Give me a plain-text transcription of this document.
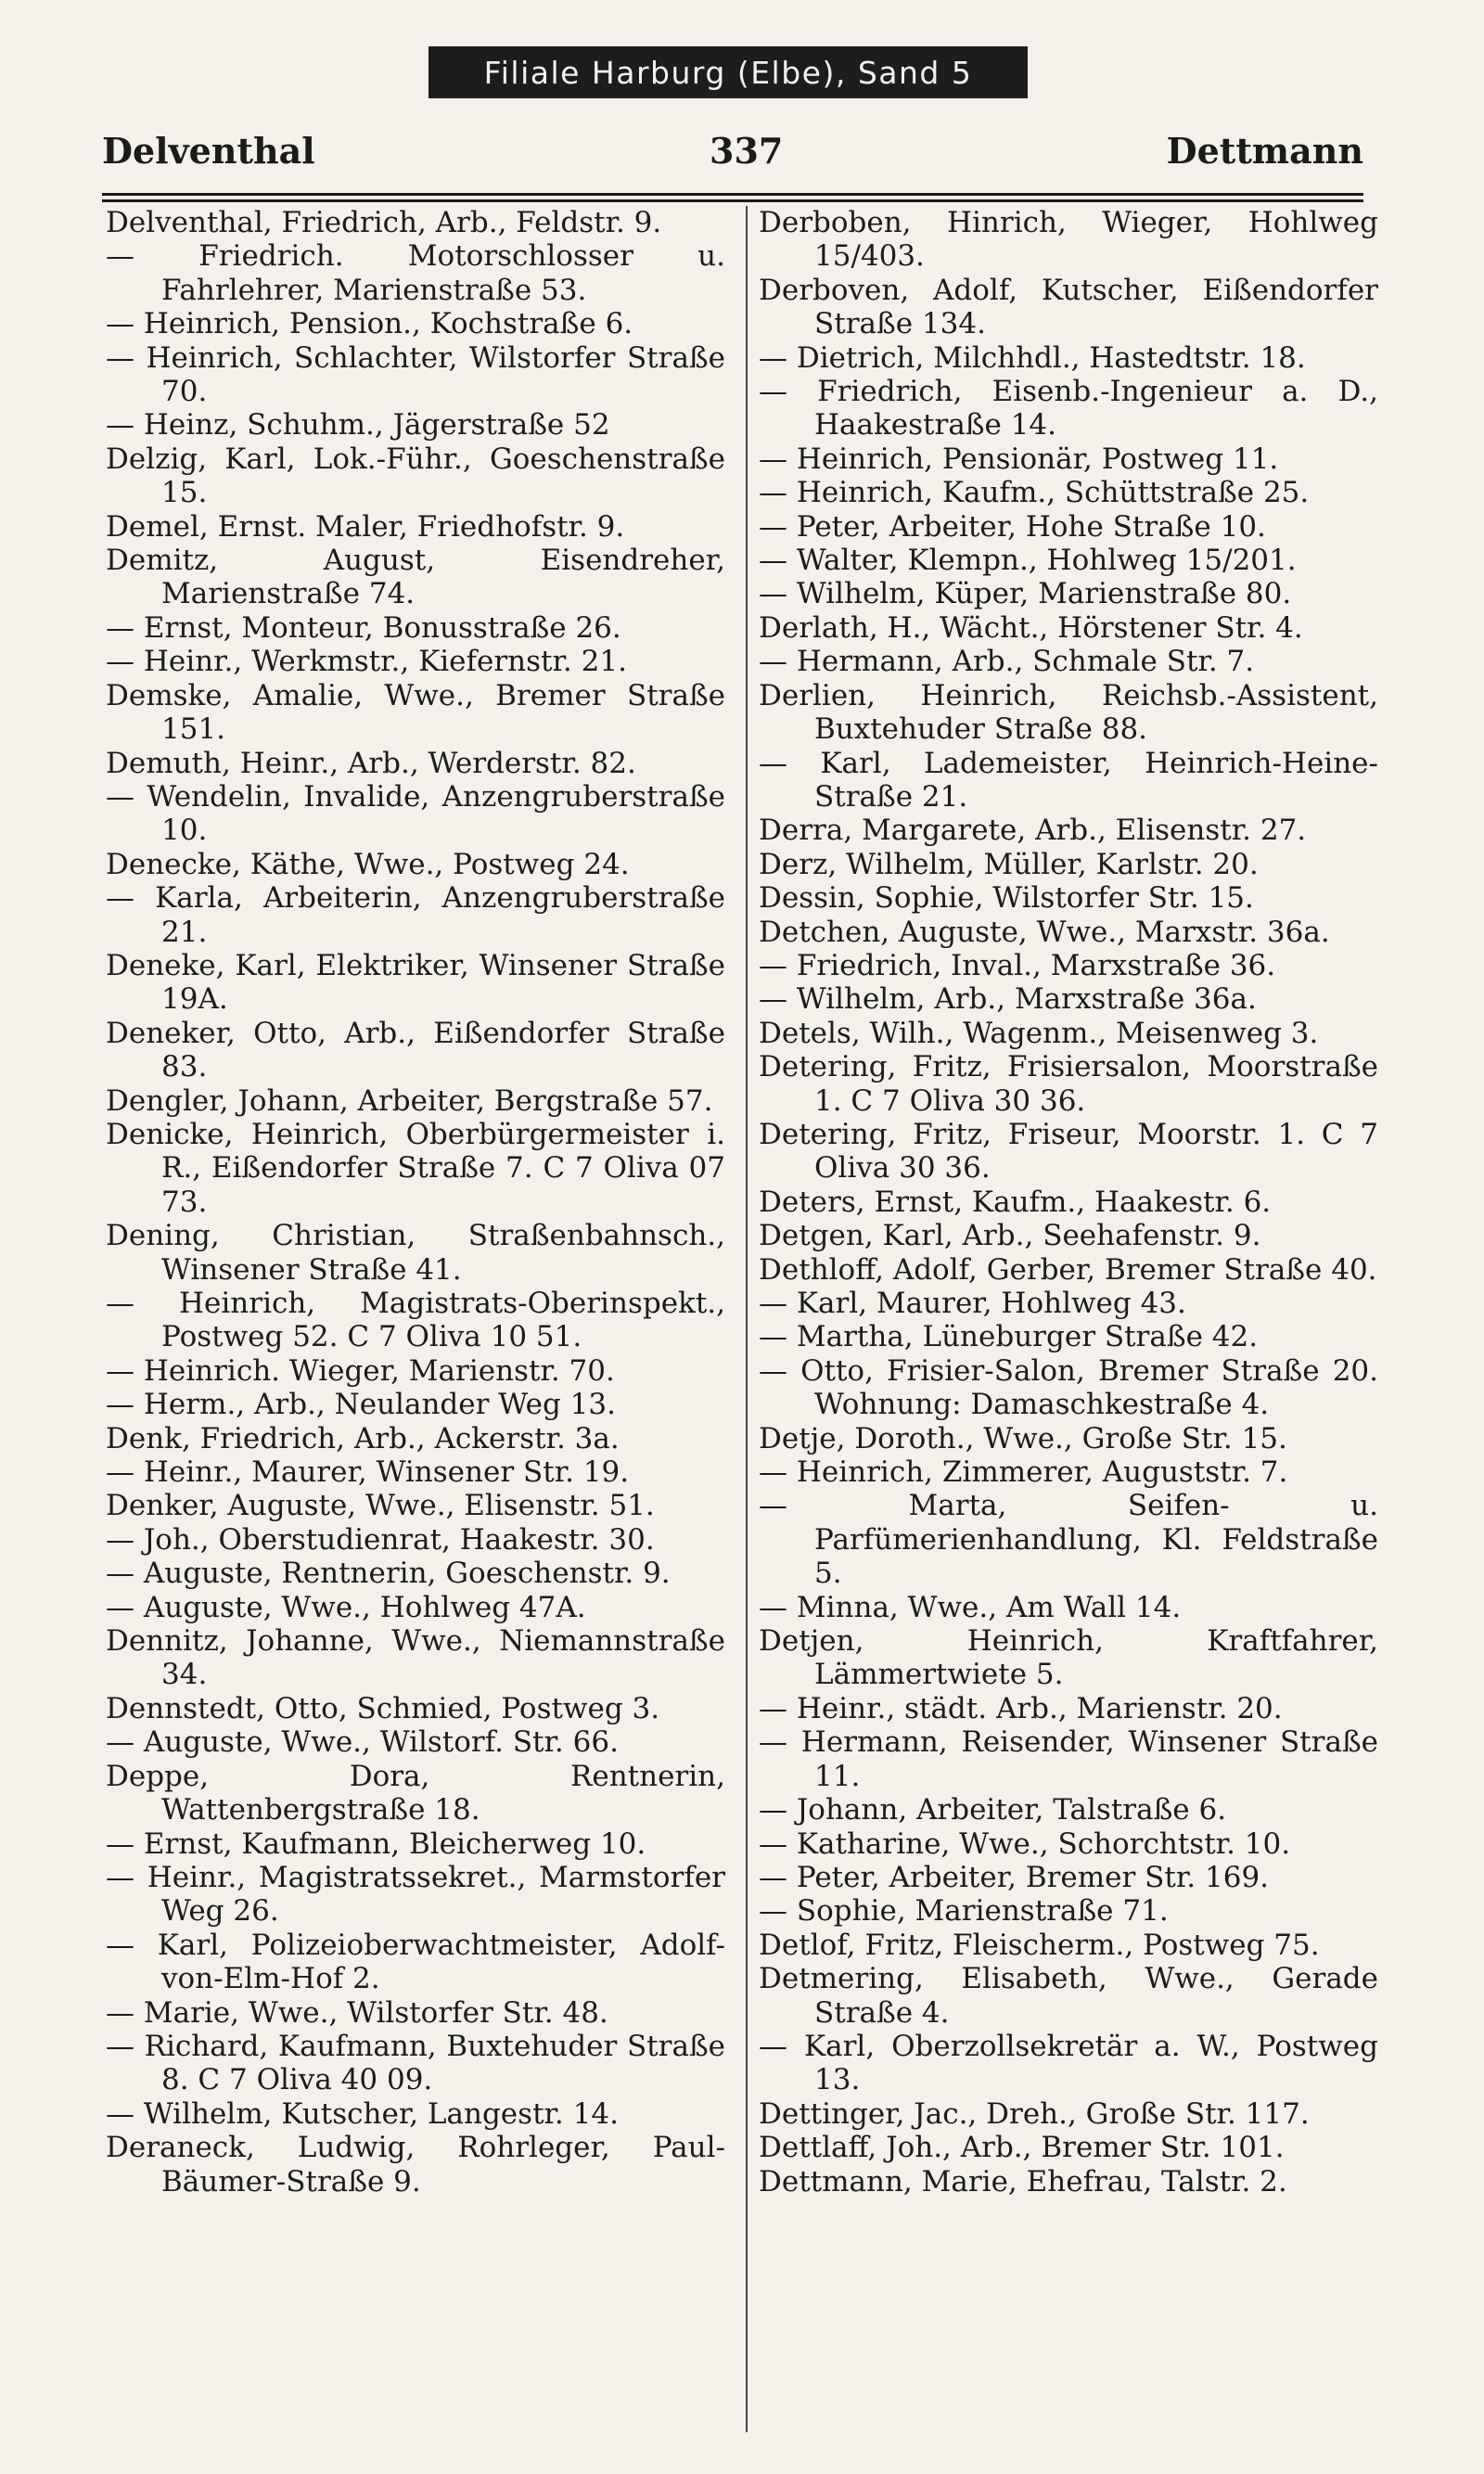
Filiale Harburg (Elbe), Sand 5
Delventhal	337	Dettmann

Delventhal, Friedrich, Arb., Feldstr. 9.

— Friedrich. Motorschlosser u. Fahrlehrer, Marienstraße 53.

— Heinrich, Pension., Kochstraße 6.

— Heinrich, Schlachter, Wilstorfer Straße 70.

— Heinz, Schuhm., Jägerstraße 52

Delzig, Karl, Lok.-Führ., Goeschenstraße 15.

Demel, Ernst. Maler, Friedhofstr. 9.

Demitz, August, Eisendreher, Marienstraße 74.

— Ernst, Monteur, Bonusstraße 26.

— Heinr., Werkmstr., Kiefernstr. 21.

Demske, Amalie, Wwe., Bremer Straße 151.

Demuth, Heinr., Arb., Werderstr. 82.

— Wendelin, Invalide, Anzengruberstraße 10.

Denecke, Käthe, Wwe., Postweg 24.

— Karla, Arbeiterin, Anzengruberstraße 21.

Deneke, Karl, Elektriker, Winsener Straße 19A.

Deneker, Otto, Arb., Eißendorfer Straße 83.

Dengler, Johann, Arbeiter, Bergstraße 57.

Denicke, Heinrich, Oberbürgermeister i. R., Eißendorfer Straße 7. C 7 Oliva 07 73.

Dening, Christian, Straßenbahnsch., Winsener Straße 41.

— Heinrich, Magistrats-Oberinspekt., Postweg 52. C 7 Oliva 10 51.

— Heinrich. Wieger, Marienstr. 70.

— Herm., Arb., Neulander Weg 13.

Denk, Friedrich, Arb., Ackerstr. 3a.

— Heinr., Maurer, Winsener Str. 19.

Denker, Auguste, Wwe., Elisenstr. 51.

— Joh., Oberstudienrat, Haakestr. 30.

— Auguste, Rentnerin, Goeschenstr. 9.

— Auguste, Wwe., Hohlweg 47A.

Dennitz, Johanne, Wwe., Niemannstraße 34.

Dennstedt, Otto, Schmied, Postweg 3.

— Auguste, Wwe., Wilstorf. Str. 66.

Deppe, Dora, Rentnerin, Wattenbergstraße 18.

— Ernst, Kaufmann, Bleicherweg 10.

— Heinr., Magistratssekret., Marmstorfer Weg 26.

— Karl, Polizeioberwachtmeister, Adolf-von-Elm-Hof 2.

— Marie, Wwe., Wilstorfer Str. 48.

— Richard, Kaufmann, Buxtehuder Straße 8. C 7 Oliva 40 09.

— Wilhelm, Kutscher, Langestr. 14.

Deraneck, Ludwig, Rohrleger, Paul-Bäumer-Straße 9.

Derboben, Hinrich, Wieger, Hohlweg 15/403.

Derboven, Adolf, Kutscher, Eißendorfer Straße 134.

— Dietrich, Milchhdl., Hastedtstr. 18.

— Friedrich, Eisenb.-Ingenieur a. D., Haakestraße 14.

— Heinrich, Pensionär, Postweg 11.

— Heinrich, Kaufm., Schüttstraße 25.

— Peter, Arbeiter, Hohe Straße 10.

— Walter, Klempn., Hohlweg 15/201.

— Wilhelm, Küper, Marienstraße 80.

Derlath, H., Wächt., Hörstener Str. 4.

— Hermann, Arb., Schmale Str. 7.

Derlien, Heinrich, Reichsb.-Assistent, Buxtehuder Straße 88.

— Karl, Lademeister, Heinrich-Heine-Straße 21.

Derra, Margarete, Arb., Elisenstr. 27.

Derz, Wilhelm, Müller, Karlstr. 20.

Dessin, Sophie, Wilstorfer Str. 15.

Detchen, Auguste, Wwe., Marxstr. 36a.

— Friedrich, Inval., Marxstraße 36.

— Wilhelm, Arb., Marxstraße 36a.

Detels, Wilh., Wagenm., Meisenweg 3.

Detering, Fritz, Frisiersalon, Moorstraße 1. C 7 Oliva 30 36.

Detering, Fritz, Friseur, Moorstr. 1. C 7 Oliva 30 36.

Deters, Ernst, Kaufm., Haakestr. 6.

Detgen, Karl, Arb., Seehafenstr. 9.

Dethloff, Adolf, Gerber, Bremer Straße 40.

— Karl, Maurer, Hohlweg 43.

— Martha, Lüneburger Straße 42.

— Otto, Frisier-Salon, Bremer Straße 20. Wohnung: Damaschkestraße 4.

Detje, Doroth., Wwe., Große Str. 15.

— Heinrich, Zimmerer, Auguststr. 7.

— Marta, Seifen- u. Parfümerienhandlung, Kl. Feldstraße 5.

— Minna, Wwe., Am Wall 14.

Detjen, Heinrich, Kraftfahrer, Lämmertwiete 5.

— Heinr., städt. Arb., Marienstr. 20.

— Hermann, Reisender, Winsener Straße 11.

— Johann, Arbeiter, Talstraße 6.

— Katharine, Wwe., Schorchtstr. 10.

— Peter, Arbeiter, Bremer Str. 169.

— Sophie, Marienstraße 71.

Detlof, Fritz, Fleischerm., Postweg 75.

Detmering, Elisabeth, Wwe., Gerade Straße 4.

— Karl, Oberzollsekretär a. W., Postweg 13.

Dettinger, Jac., Dreh., Große Str. 117.

Dettlaff, Joh., Arb., Bremer Str. 101.

Dettmann, Marie, Ehefrau, Talstr. 2.
